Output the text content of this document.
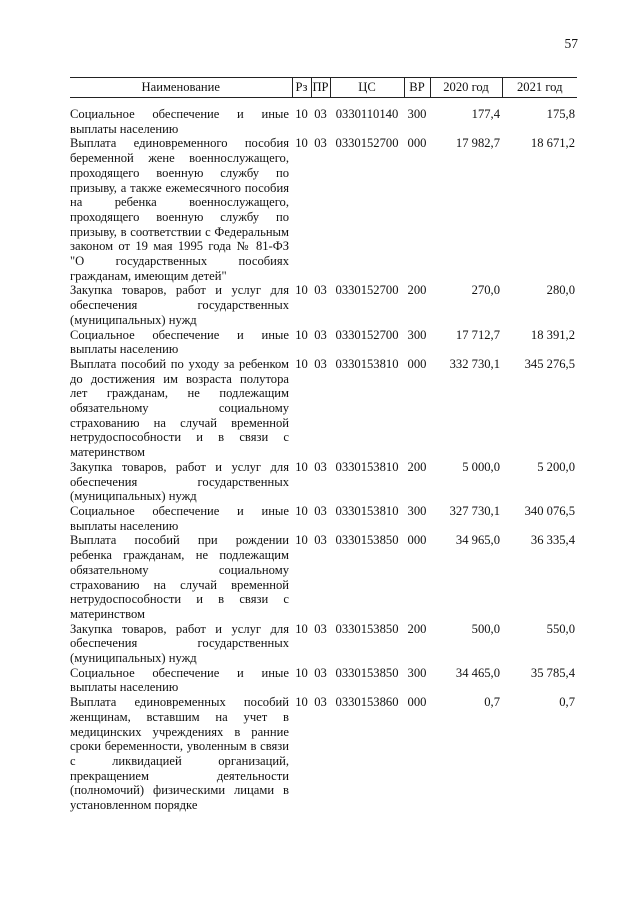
57
Наименование	Рз	ПР	ЦС	ВР	2020 год	2021 год

Социальное обеспечение и иные выплаты населению	10	03	0330110140	300	177,4	175,8
Выплата единовременного пособия беременной жене военнослужащего, проходящего военную службу по призыву, а также ежемесячного пособия на ребенка военнослужащего, проходящего военную службу по призыву, в соответствии с Федеральным законом от 19 мая 1995 года № 81-ФЗ "О государственных пособиях гражданам, имеющим детей"	10	03	0330152700	000	17 982,7	18 671,2
Закупка товаров, работ и услуг для обеспечения государственных (муниципальных) нужд	10	03	0330152700	200	270,0	280,0
Социальное обеспечение и иные выплаты населению	10	03	0330152700	300	17 712,7	18 391,2
Выплата пособий по уходу за ребенком до достижения им возраста полутора лет гражданам, не подлежащим обязательному социальному страхованию на случай временной нетрудоспособности и в связи с материнством	10	03	0330153810	000	332 730,1	345 276,5
Закупка товаров, работ и услуг для обеспечения государственных (муниципальных) нужд	10	03	0330153810	200	5 000,0	5 200,0
Социальное обеспечение и иные выплаты населению	10	03	0330153810	300	327 730,1	340 076,5
Выплата пособий при рождении ребенка гражданам, не подлежащим обязательному социальному страхованию на случай временной нетрудоспособности и в связи с материнством	10	03	0330153850	000	34 965,0	36 335,4
Закупка товаров, работ и услуг для обеспечения государственных (муниципальных) нужд	10	03	0330153850	200	500,0	550,0
Социальное обеспечение и иные выплаты населению	10	03	0330153850	300	34 465,0	35 785,4
Выплата единовременных пособий женщинам, вставшим на учет в медицинских учреждениях в ранние сроки беременности, уволенным в связи с ликвидацией организаций, прекращением деятельности (полномочий) физическими лицами в установленном порядке	10	03	0330153860	000	0,7	0,7
